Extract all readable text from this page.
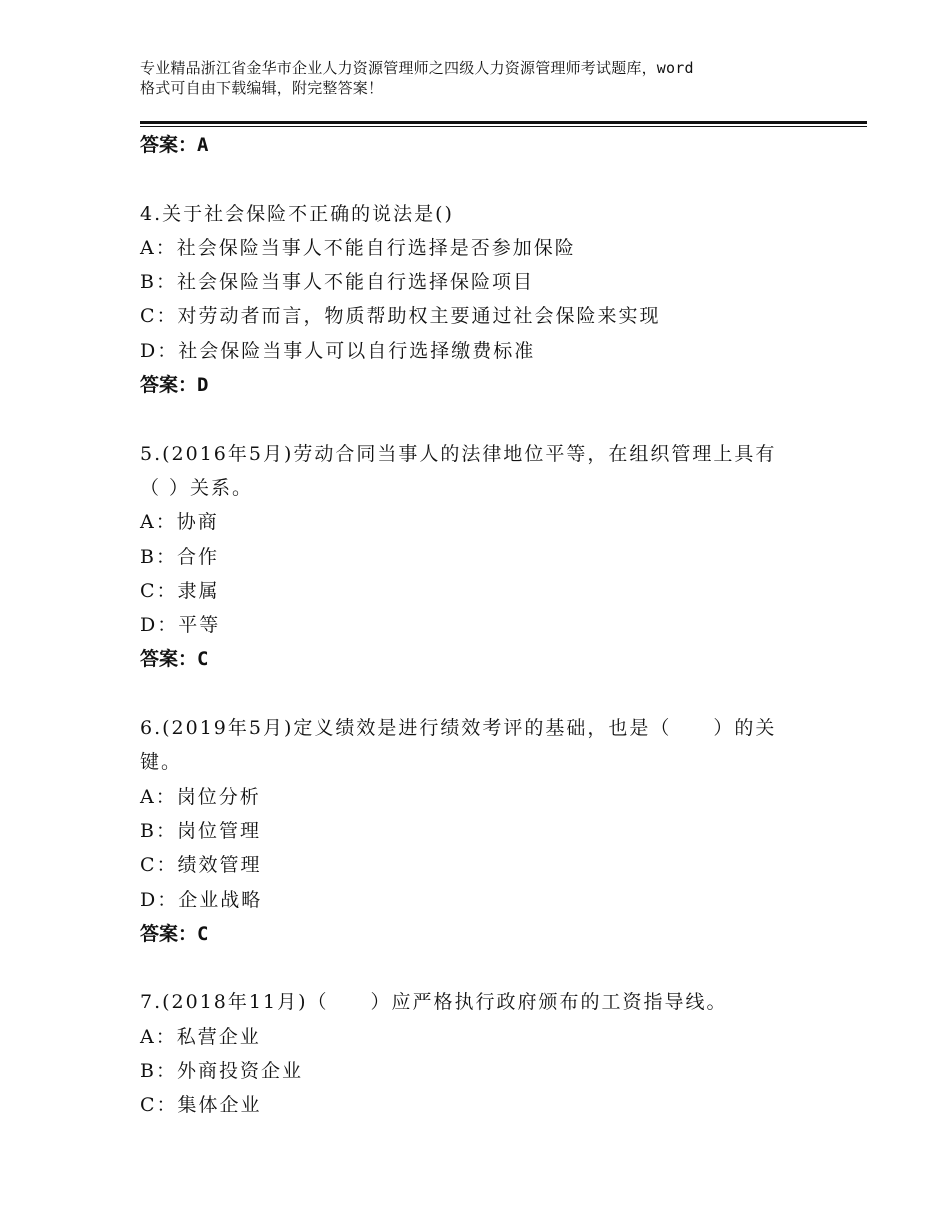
专业精品浙江省金华市企业人力资源管理师之四级人力资源管理师考试题库，word
格式可自由下载编辑，附完整答案！
答案：A
4.关于社会保险不正确的说法是()
A：社会保险当事人不能自行选择是否参加保险
B：社会保险当事人不能自行选择保险项目
C：对劳动者而言，物质帮助权主要通过社会保险来实现
D：社会保险当事人可以自行选择缴费标准
答案：D
5.(2016年5月)劳动合同当事人的法律地位平等，在组织管理上具有
（ ）关系。
A：协商
B：合作
C：隶属
D：平等
答案：C
6.(2019年5月)定义绩效是进行绩效考评的基础，也是（　　）的关
键。
A：岗位分析
B：岗位管理
C：绩效管理
D：企业战略
答案：C
7.(2018年11月)（　　）应严格执行政府颁布的工资指导线。
A：私营企业
B：外商投资企业
C：集体企业
